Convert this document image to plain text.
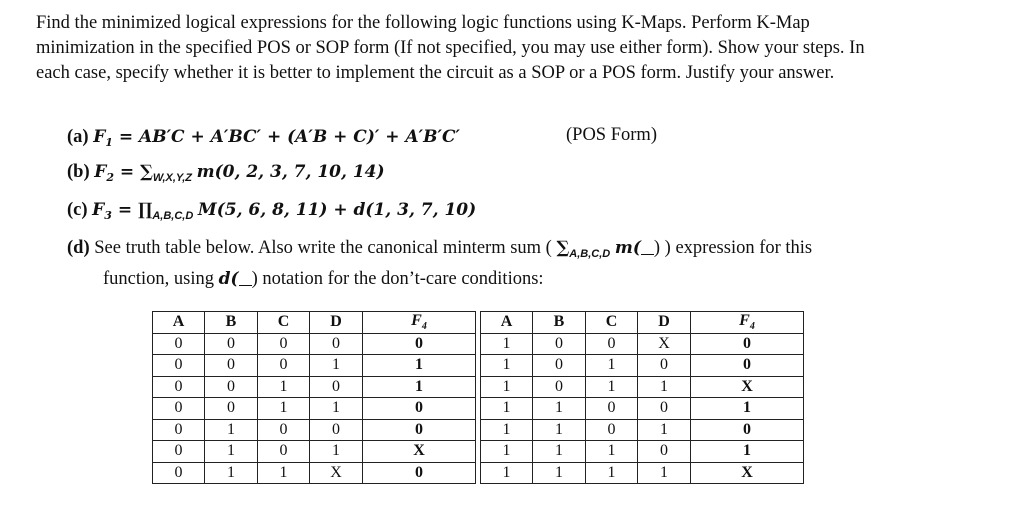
Find the minimized logical expressions for the following logic functions using K-Maps. Perform K-Map minimization in the specified POS or SOP form (If not specified, you may use either form). Show your steps. In each case, specify whether it is better to implement the circuit as a SOP or a POS form. Justify your answer.

(a) $F_1 = AB'C + A'BC' + (A'B + C)' + A'B'C'$	(POS Form)
(b) $F_2 = \sum_{W,X,Y,Z}$ m(0, 2, 3, 7, 10, 14)
(c) $F_3$ = $\prod_{A,B,C,D}$ M(5, 6, 8, 11) + d(1, 3, 7, 10)
(d) See truth table below. Also write the canonical minterm sum ( $\sum_{A,B,C,D}$ m( ) ) expression for this
function, using d( ) notation for the don’t-care conditions:
A	B	C	D	$F_4$
0	0	0	0	0
0	0	0	1	1
0	0	1	0	1
0	0	1	1	0
0	1	0	0	0
0	1	0	1	X
0	1	1	X	0
A	B	C	D	$F_4$
1	0	0	X	0
1	0	1	0	0
1	0	1	1	X
1	1	0	0	1
1	1	0	1	0
1	1	1	0	1
1	1	1	1	X
